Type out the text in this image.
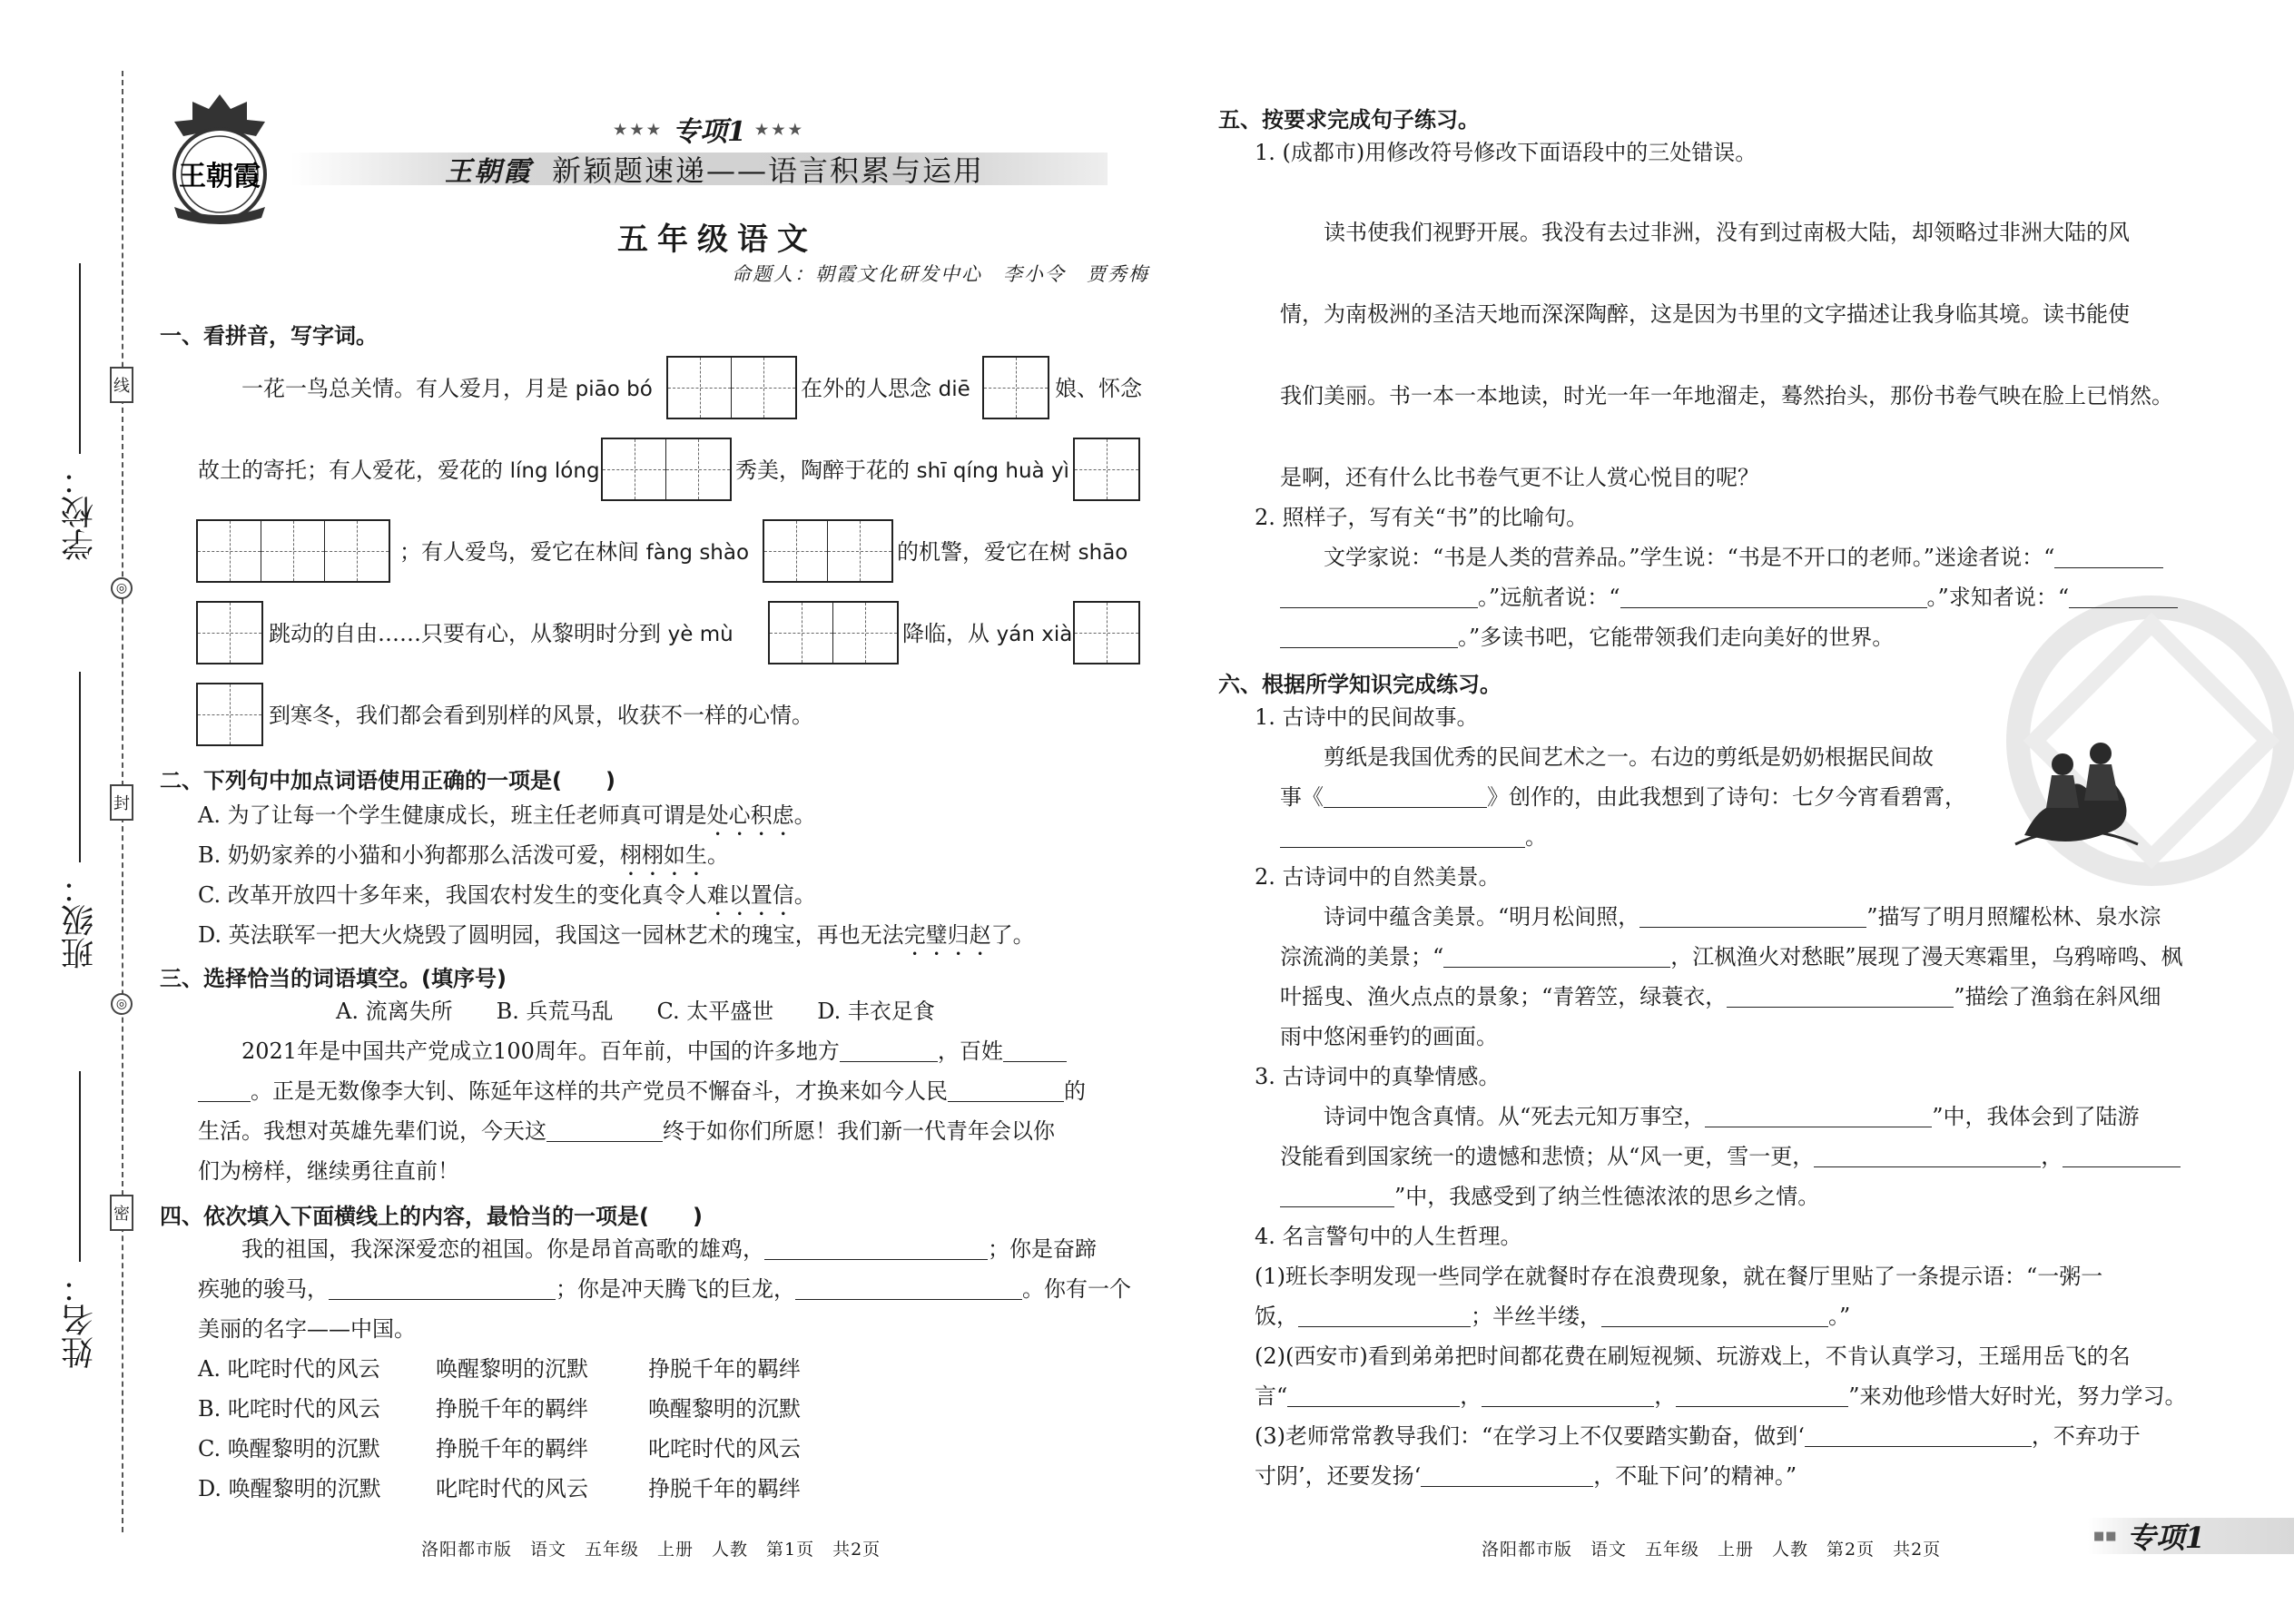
线
◎
封
◎
密
学校：
班级：
姓名：
王朝霞
★★★ 专项1 ★★★
王朝霞 新颖题速递——语言积累与运用
五年级语文
命题人：朝霞文化研发中心　李小令　贾秀梅
一、看拼音，写字词。
一花一鸟总关情。有人爱月，月是 piāo bó	在外的人思念 diē	娘、怀念
故土的寄托；有人爱花，爱花的 líng lóng	秀美，陶醉于花的 shī qíng huà yì
；有人爱鸟，爱它在林间 fàng shào	的机警，爱它在树 shāo
跳动的自由……只要有心，从黎明时分到 yè mù	降临，从 yán xià
到寒冬，我们都会看到别样的风景，收获不一样的心情。
二、下列句中加点词语使用正确的一项是(　　)
A. 为了让每一个学生健康成长，班主任老师真可谓是处心积虑。
B. 奶奶家养的小猫和小狗都那么活泼可爱，栩栩如生。
C. 改革开放四十多年来，我国农村发生的变化真令人难以置信。
D. 英法联军一把大火烧毁了圆明园，我国这一园林艺术的瑰宝，再也无法完璧归赵了。
三、选择恰当的词语填空。(填序号)
A. 流离失所　　B. 兵荒马乱　　C. 太平盛世　　D. 丰衣足食
2021年是中国共产党成立100周年。百年前，中国的许多地方	，百姓
。正是无数像李大钊、陈延年这样的共产党员不懈奋斗，才换来如今人民	的
生活。我想对英雄先辈们说，今天这	终于如你们所愿！我们新一代青年会以你
们为榜样，继续勇往直前！
四、依次填入下面横线上的内容，最恰当的一项是(　　)
我的祖国，我深深爱恋的祖国。你是昂首高歌的雄鸡，	；你是奋蹄
疾驰的骏马，	；你是冲天腾飞的巨龙，	。你有一个
美丽的名字——中国。
A. 叱咤时代的风云	唤醒黎明的沉默	挣脱千年的羁绊
B. 叱咤时代的风云	挣脱千年的羁绊	唤醒黎明的沉默
C. 唤醒黎明的沉默	挣脱千年的羁绊	叱咤时代的风云
D. 唤醒黎明的沉默	叱咤时代的风云	挣脱千年的羁绊
洛阳都市版　语文　五年级　上册　人教　第1页　共2页
五、按要求完成句子练习。
1. (成都市)用修改符号修改下面语段中的三处错误。
读书使我们视野开展。我没有去过非洲，没有到过南极大陆，却领略过非洲大陆的风
情，为南极洲的圣洁天地而深深陶醉，这是因为书里的文字描述让我身临其境。读书能使
我们美丽。书一本一本地读，时光一年一年地溜走，蓦然抬头，那份书卷气映在脸上已悄然。
是啊，还有什么比书卷气更不让人赏心悦目的呢？
2. 照样子，写有关“书”的比喻句。
文学家说：“书是人类的营养品。”学生说：“书是不开口的老师。”迷途者说：“
。”远航者说：“	。”求知者说：“
。”多读书吧，它能带领我们走向美好的世界。
六、根据所学知识完成练习。
1. 古诗中的民间故事。
剪纸是我国优秀的民间艺术之一。右边的剪纸是奶奶根据民间故
事《	》创作的，由此我想到了诗句：七夕今宵看碧霄，
。
2. 古诗词中的自然美景。
诗词中蕴含美景。“明月松间照，	”描写了明月照耀松林、泉水淙
淙流淌的美景；“	，江枫渔火对愁眠”展现了漫天寒霜里，乌鸦啼鸣、枫
叶摇曳、渔火点点的景象；“青箬笠，绿蓑衣，	”描绘了渔翁在斜风细
雨中悠闲垂钓的画面。
3. 古诗词中的真挚情感。
诗词中饱含真情。从“死去元知万事空，	”中，我体会到了陆游
没能看到国家统一的遗憾和悲愤；从“风一更，雪一更，	，
”中，我感受到了纳兰性德浓浓的思乡之情。
4. 名言警句中的人生哲理。
(1)班长李明发现一些同学在就餐时存在浪费现象，就在餐厅里贴了一条提示语：“一粥一
饭，	；半丝半缕，	。”
(2)(西安市)看到弟弟把时间都花费在刷短视频、玩游戏上，不肯认真学习，王瑶用岳飞的名
言“	，	，	”来劝他珍惜大好时光，努力学习。
(3)老师常常教导我们：“在学习上不仅要踏实勤奋，做到‘	，不弃功于
寸阴’，还要发扬‘	，不耻下问’的精神。”
洛阳都市版　语文　五年级　上册　人教　第2页　共2页
■■ 专项1
